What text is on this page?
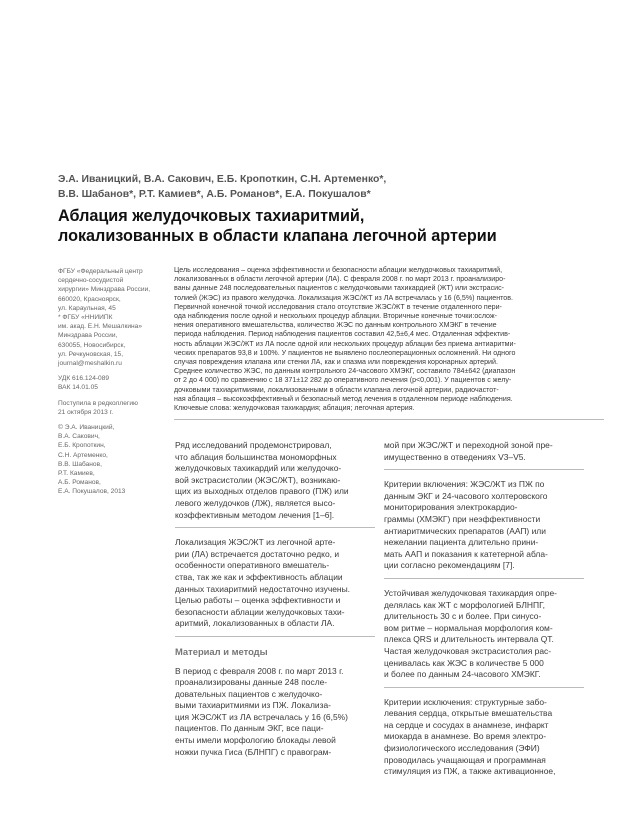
Э.А. Иваницкий, В.А. Сакович, Е.Б. Кропоткин, С.Н. Артеменко*,
В.В. Шабанов*, Р.Т. Камиев*, А.Б. Романов*, Е.А. Покушалов*
Аблация желудочковых тахиаритмий,
локализованных в области клапана легочной артерии
ФГБУ «Федеральный центр
сердечно-сосудистой
хирургии» Минздрава России,
660020, Красноярск,
ул. Караульная, 45
* ФГБУ «ННИИПК
им. акад. Е.Н. Мешалкина»
Минздрава России,
630055, Новосибирск,
ул. Речкуновская, 15,
journal@meshalkin.ru
УДК 616.124-089
ВАК 14.01.05
Поступила в редколлегию
21 октября 2013 г.
© Э.А. Иваницкий,
В.А. Сакович,
Е.Б. Кропоткин,
С.Н. Артеменко,
В.В. Шабанов,
Р.Т. Камиев,
А.Б. Романов,
Е.А. Покушалов, 2013
Цель исследования – оценка эффективности и безопасности аблации желудочковых тахиаритмий,
локализованных в области легочной артерии (ЛА). С февраля 2008 г. по март 2013 г. проанализиро-
ваны данные 248 последовательных пациентов с желудочковыми тахикардией (ЖТ) или экстрасис-
толией (ЖЭС) из правого желудочка. Локализация ЖЭС/ЖТ из ЛА встречалась у 16 (6,5%) пациентов.
Первичной конечной точкой исследования стало отсутствие ЖЭС/ЖТ в течение отдаленного пери-
ода наблюдения после одной и нескольких процедур аблации. Вторичные конечные точки:ослож-
нения оперативного вмешательства, количество ЖЭС по данным контрольного ХМЭКГ в течение
периода наблюдения. Период наблюдения пациентов составил 42,5±6,4 мес. Отдаленная эффектив-
ность аблации ЖЭС/ЖТ из ЛА после одной или нескольких процедур аблации без приема антиаритми-
ческих препаратов 93,8 и 100%. У пациентов не выявлено послеоперационных осложнений. Ни одного
случая повреждения клапана или стенки ЛА, как и спазма или повреждения коронарных артерий.
Среднее количество ЖЭС, по данным контрольного 24-часового ХМЭКГ, составило 784±642 (диапазон
от 2 до 4 000) по сравнению с 18 371±12 282 до оперативного лечения (p<0,001). У пациентов с желу-
дочковыми тахиаритмиями, локализованными в области клапана легочной артерии, радиочастот-
ная аблация – высокоэффективный и безопасный метод лечения в отдаленном периоде наблюдения.
Ключевые слова: желудочковая тахикардия; аблация; легочная артерия.
Ряд исследований продемонстрировал,
что аблация большинства мономорфных
желудочковых тахикардий или желудочко-
вой экстрасистолии (ЖЭС/ЖТ), возникаю-
щих из выходных отделов правого (ПЖ) или
левого желудочков (ЛЖ), является высо-
коэффективным методом лечения [1–6].
Локализация ЖЭС/ЖТ из легочной арте-
рии (ЛА) встречается достаточно редко, и
особенности оперативного вмешатель-
ства, так же как и эффективность аблации
данных тахиаритмий недостаточно изучены.
Целью работы – оценка эффективности и
безопасности аблации желудочковых тахи-
аритмий, локализованных в области ЛА.
Материал и методы
В период с февраля 2008 г. по март 2013 г.
проанализированы данные 248 после-
довательных пациентов с желудочко-
выми тахиаритмиями из ПЖ. Локализа-
ция ЖЭС/ЖТ из ЛА встречалась у 16 (6,5%)
пациентов. По данным ЭКГ, все паци-
енты имели морфологию блокады левой
ножки пучка Гиса (БЛНПГ) с правограм-
мой при ЖЭС/ЖТ и переходной зоной пре-
имущественно в отведениях V3–V5.
Критерии включения: ЖЭС/ЖТ из ПЖ по
данным ЭКГ и 24-часового холтеровского
мониторирования электрокардио-
граммы (ХМЭКГ) при неэффективности
антиаритмических препаратов (ААП) или
нежелании пациента длительно прини-
мать ААП и показания к катетерной абла-
ции согласно рекомендациям [7].
Устойчивая желудочковая тахикардия опре-
делялась как ЖТ с морфологией БЛНПГ,
длительность 30 с и более. При синусо-
вом ритме – нормальная морфология ком-
плекса QRS и длительность интервала QT.
Частая желудочковая экстрасистолия рас-
ценивалась как ЖЭС в количестве 5 000
и более по данным 24-часового ХМЭКГ.
Критерии исключения: структурные забо-
левания сердца, открытые вмешательства
на сердце и сосудах в анамнезе, инфаркт
миокарда в анамнезе. Во время электро-
физиологического исследования (ЭФИ)
проводилась учащающая и программная
стимуляция из ПЖ, а также активационное,
